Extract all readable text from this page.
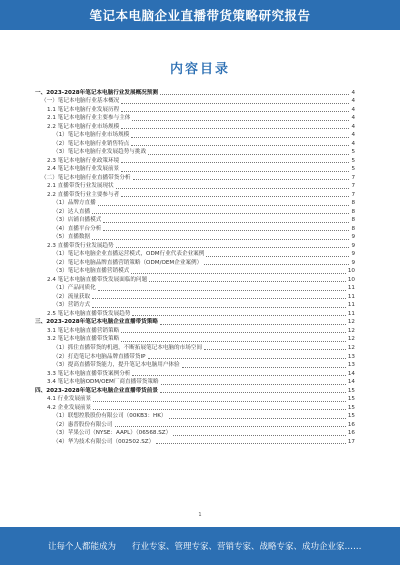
笔记本电脑企业直播带货策略研究报告
内容目录
一、2023-2028年笔记本电脑行业发展概况预测	4
（一）笔记本电脑行业基本概况	4
1.1 笔记本电脑行业发展历程	4
2.1 笔记本电脑行业主要参与主体	4
2.2 笔记本电脑行业市场规模	4
（1）笔记本电脑行业市场规模	4
（2）笔记本电脑行业销售特点	4
（3）笔记本电脑行业发展趋势与挑战	5
2.3 笔记本电脑行业政策环境	5
2.4 笔记本电脑行业发展前景	5
（二）笔记本电脑行业直播带货分析	7
2.1 直播带货行业发展现状	7
2.2 直播带货行业主要参与者	7
（1）品牌方直播	8
（2）达人直播	8
（3）店铺自播模式	8
（4）直播平台分析	8
（5）直播数据	9
2.3 直播带货行业发展趋势	9
（1）笔记本电脑企业直播运营模式，ODM行业代表企业案例	9
（2）笔记本电脑品牌直播营销策略（ODM/OEM企业案例）	9
（3）笔记本电脑直播营销模式	10
2.4 笔记本电脑直播带货发展面临的问题	10
（1）产品同质化	11
（2）流量获取	11
（3）营销方式	11
2.5 笔记本电脑直播带货发展趋势	11
三、2023-2028年笔记本电脑企业直播带货策略	12
3.1 笔记本电脑直播营销策略	12
3.2 笔记本电脑直播带货策略	12
（1）抓住直播带货的机遇，不断拓展笔记本电脑的市场空间	12
（2）打造笔记本电脑品牌直播带货IP	13
（3）提高直播带货能力，提升笔记本电脑用户体验	13
3.3 笔记本电脑直播带货案例分析	14
3.4 笔记本电脑ODM/OEM厂商直播带货策略	14
四、2023-2028年笔记本电脑企业直播带货前景	15
4.1 行业发展前景	15
4.2 企业发展前景	15
（1）联想控股股份有限公司（00KB3：HK）	15
（2）惠普股份有限公司	16
（3）苹果公司（NYSE：AAPL）（06568.SZ）	16
（4）华为技术有限公司（002502.SZ）	17
1
让每个人都能成为 行业专家、管理专家、营销专家、战略专家、成功企业家……
